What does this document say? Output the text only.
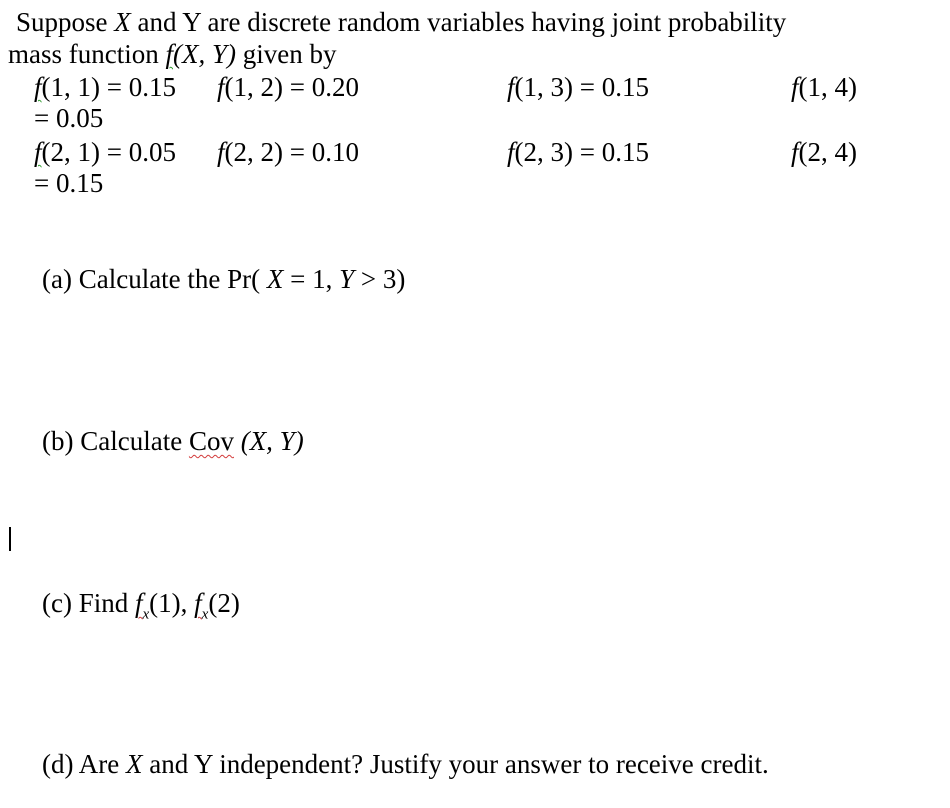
Suppose X and Y are discrete random variables having joint probability
mass function f(X, Y) given by
f(1, 1) = 0.15 f(1, 2) = 0.20	f(1, 3) = 0.15	f(1, 4)
= 0.05
f(2, 1) = 0.05 f(2, 2) = 0.10	f(2, 3) = 0.15	f(2, 4)
= 0.15
(a) Calculate the Pr( X = 1, Y > 3)
(b) Calculate Cov (X, Y)
(c) Find $f_x(1)$, $f_x(2)$
(d) Are X and Y independent? Justify your answer to receive credit.
